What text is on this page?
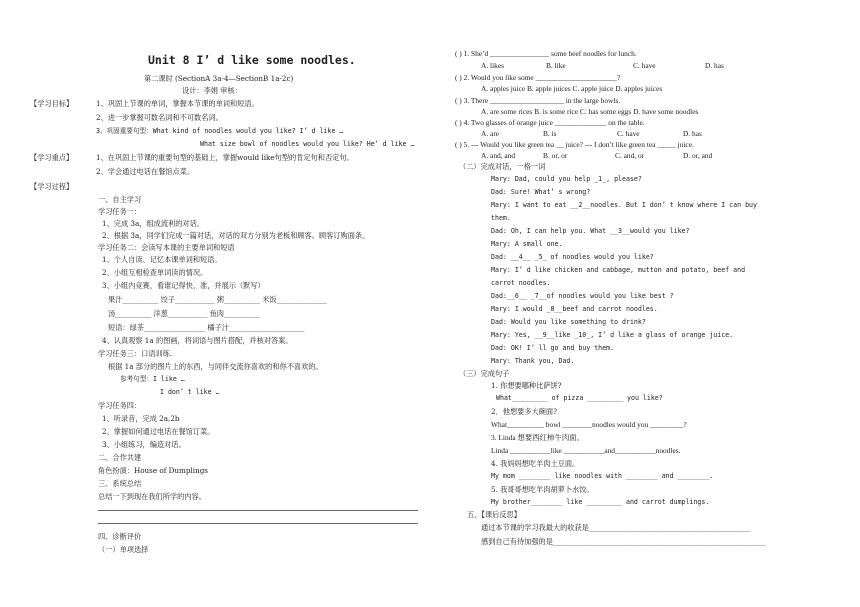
Unit 8 I’ d like some noodles.
第二课时 (SectionA 3a-4—SectionB 1a-2c)
设计：李娟 审核：
【学习目标】	1、巩固上节课的单词，掌握本节课的单词和短语。
2、进一步掌握可数名词和不可数名词。
3、巩固重要句型：What kind of noodles would you like? I’ d like …
What size bowl of noodles would you like? He’ d like …
【学习重点】	1、在巩固上节课的重要句型的基础上，掌握would like句型的肯定句和否定句。
2、学会通过电话在餐馆点菜。
【学习过程】
一、自主学习
学习任务一：
1、完成 3a，组成流利的对话。
2、根据 3a，同学们完成一篇对话，对话的双方分别为老板和顾客。顾客订购面条。
学习任务二：会读写本课的主要单词和短语
1、个人自读、记忆本课单词和短语。
2、小组互相检查单词读的情况。
3、小组内竞赛，看谁记得快、准，并展示（默写）
果汁__________ 饺子___________ 粥__________ 米饭______________
汤__________ 洋葱___________ 鱼肉__________
短语：绿茶_________________ 橘子汁_____________________
4、认真观察 1a 的图画，将词语与图片搭配，并核对答案。
学习任务三：口语训练.
根据 1a 部分的图片上的东西，与同伴交流你喜欢的和你不喜欢的。
参考句型：I like …
I don’ t like …
学习任务四：
1、听录音，完成 2a,2b
2、掌握如何通过电话在餐馆订菜。
3、小组练习，编造对话。
二、合作共建
角色扮演：House of Dumplings
三、系统总结
总结一下到现在我们所学的内容。
四、诊断评价
（一）单项选择
( ) 1. She’d ________________ some beef noodles for lunch.
A. likes	B. like	C. have	D. has
( ) 2. Would you like some ______________________?
A. apples juice B. apple juices C. apple juice D. apples juices
( ) 3. There ____________________ in the large bowls.
A. are some rices B. is some rice C. has some eggs D. have some noodles
( ) 4. Two glasses of orange juice ______________ on the table.
A. are	B. is	C. have	D. has
( ) 5. --- Would you like green tea __ juice? --- I don’t like green tea _____ juice.
A. and, and	B. or, or	C. and, or	D. or, and
（二）完成对话，一格一词
Mary: Dad, could you help _1_, please?
Dad: Sure! What’ s wrong?
Mary: I want to eat __2__noodles. But I don’ t know where I can buy
them.
Dad: Oh, I can help you. What __3__would you like?
Mary: A small one.
Dad: __4__ _5_ of noodles would you like?
Mary: I’ d like chicken and cabbage, mutton and potato, beef and
carrot noodles.
Dad:__6__ _7__of noodles would you like best ?
Mary: I would _8__beef and carrot noodles.
Dad: Would you like something to drink?
Mary: Yes, __9__like _10_, I’ d like a glass of orange juice.
Dad: OK! I’ ll go and buy them.
Mary: Thank you, Dad.
（三）完成句子
1. 你想要哪种比萨饼?
What_________ of pizza _________ you like?
2．他想要多大碗面?
What__________ bowl ________noodles would you _________?
3. Linda 想要西红柿牛肉面。
Linda ___________like ___________and___________noodles.
4. 我妈妈想吃羊肉土豆面。
My mom ________ like noodles with ________ and ________.
5. 我哥哥想吃羊肉胡萝卜水饺。
My brother________ like _________ and carrot dumplings.
五、【课后反思】
通过本节课的学习我最大的收获是_____________________________________________
感到自己有待加强的是___________________________________________________________
